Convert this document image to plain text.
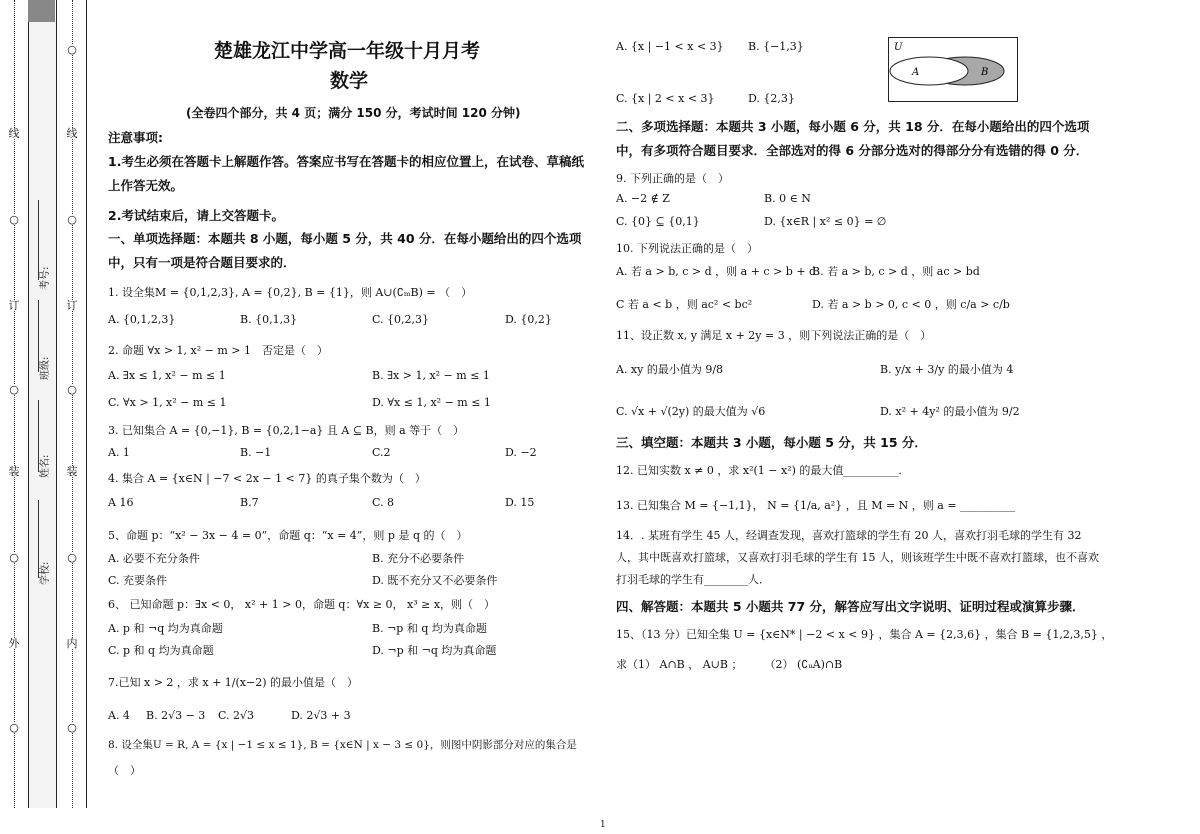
线
订
装
外
○
○
○
○
线
订
装
内
○
○
○
○
○
学校:
姓名:
班级:
考号:
楚雄龙江中学高一年级十月月考
数学
(全卷四个部分，共 4 页；满分 150 分，考试时间 120 分钟)
注意事项:
1.考生必须在答题卡上解题作答。答案应书写在答题卡的相应位置上，在试卷、草稿纸上作答无效。
2.考试结束后，请上交答题卡。
一、单项选择题：本题共 8 小题，每小题 5 分，共 40 分．在每小题给出的四个选项中，只有一项是符合题目要求的．
1. 设全集M = {0,1,2,3}, A = {0,2}, B = {1}，则 A∪(∁ₘB) = （　）
A. {0,1,2,3}	B. {0,1,3}	C. {0,2,3}	D. {0,2}
2. 命题 ∀x > 1, x² − m > 1　否定是（　）
A. ∃x ≤ 1, x² − m ≤ 1	B. ∃x > 1, x² − m ≤ 1
C. ∀x > 1, x² − m ≤ 1	D. ∀x ≤ 1, x² − m ≤ 1
3. 已知集合 A = {0,−1}, B = {0,2,1−a} 且 A ⊆ B，则 a 等于（　）
A. 1	B. −1	C.2	D. −2
4. 集合 A = {x∈N | −7 < 2x − 1 < 7} 的真子集个数为（　）
A 16	B.7	C. 8	D. 15
5、命题 p：“x² − 3x − 4 = 0”，命题 q：“x = 4”，则 p 是 q 的（　）
A. 必要不充分条件	B. 充分不必要条件
C. 充要条件	D. 既不充分又不必要条件
6、 已知命题 p：∃x < 0， x² + 1 > 0，命题 q：∀x ≥ 0， x³ ≥ x，则（　）
A. p 和 ¬q 均为真命题	B. ¬p 和 q 均为真命题
C. p 和 q 均为真命题	D. ¬p 和 ¬q 均为真命题
7.已知 x > 2 ，求 x + 1/(x−2) 的最小值是（　）
A. 4 B. 2√3 − 3 C. 2√3	D. 2√3 + 3
8. 设全集U = R, A = {x | −1 ≤ x ≤ 1}, B = {x∈N | x − 3 ≤ 0}，则图中阴影部分对应的集合是
（　）
A. {x | −1 < x < 3} B. {−1,3}
C. {x | 2 < x < 3}	D. {2,3}
U
A	B
二、多项选择题：本题共 3 小题，每小题 6 分，共 18 分．在每小题给出的四个选项中，有多项符合题目要求．全部选对的得 6 分部分选对的得部分分有选错的得 0 分．
9. 下列正确的是（　）
A. −2 ∉ Z	B. 0 ∈ N
C. {0} ⊆ {0,1}	D. {x∈R | x² ≤ 0} = ∅
10. 下列说法正确的是（　）
A. 若 a > b, c > d ，则 a + c > b + d
B. 若 a > b, c > d ，则 ac > bd
C 若 a < b ，则 ac² < bc²	D. 若 a > b > 0, c < 0 ，则 c/a > c/b
11、设正数 x, y 满足 x + 2y = 3 ，则下列说法正确的是（　）
A. xy 的最小值为 9/8	B. y/x + 3/y 的最小值为 4
C. √x + √(2y) 的最大值为 √6	D. x² + 4y² 的最小值为 9/2
三、填空题：本题共 3 小题，每小题 5 分，共 15 分．
12. 已知实数 x ≠ 0 ，求 x²(1 − x²) 的最大值__________.
13. 已知集合 M = {−1,1}， N = {1/a, a²} ，且 M = N ，则 a = __________
14．. 某班有学生 45 人，经调查发现，喜欢打篮球的学生有 20 人，喜欢打羽毛球的学生有 32 人，其中既喜欢打篮球，又喜欢打羽毛球的学生有 15 人，则该班学生中既不喜欢打篮球，也不喜欢打羽毛球的学生有________人．
四、解答题：本题共 5 小题共 77 分，解答应写出文字说明、证明过程或演算步骤．
15、（13 分）已知全集 U = {x∈N* | −2 < x < 9} ，集合 A = {2,3,6} ，集合 B = {1,2,3,5} ，
求（1） A∩B ， A∪B ；　　　（2） (∁ᵤA)∩B
1
